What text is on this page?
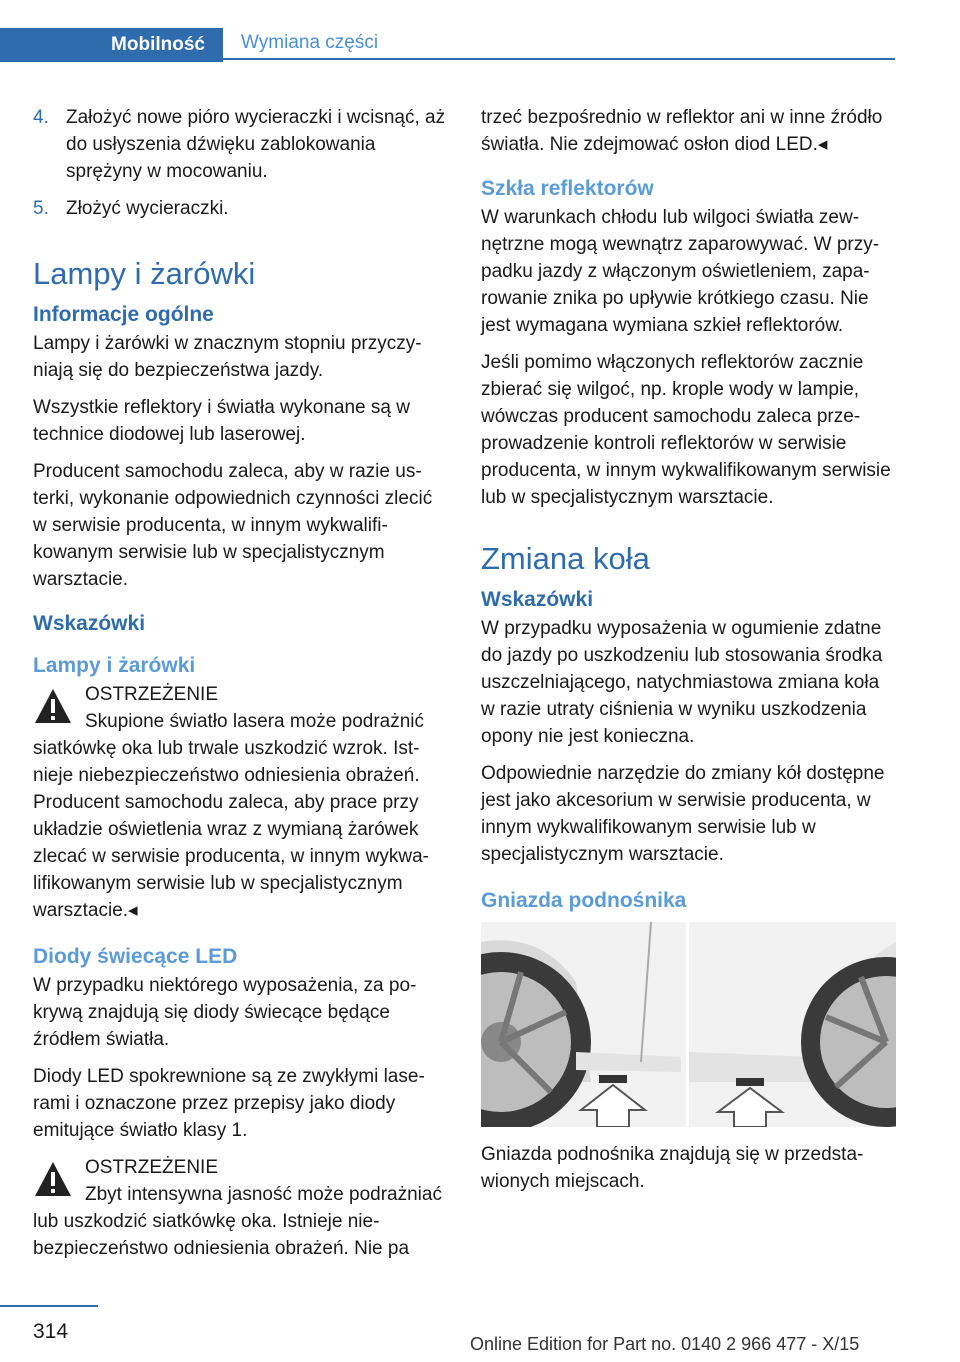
Mobilność	Wymiana części
4. Założyć nowe pióro wycieraczki i wcisnąć, aż do usłyszenia dźwięku zablokowania sprężyny w mocowaniu.
5. Złożyć wycieraczki.
Lampy i żarówki
Informacje ogólne

Lampy i żarówki w znacznym stopniu przyczyniają się do bezpieczeństwa jazdy.

Wszystkie reflektory i światła wykonane są w technice diodowej lub laserowej.

Producent samochodu zaleca, aby w razie usterki, wykonanie odpowiednich czynności zlecić w serwisie producenta, w innym wykwalifikowanym serwisie lub w specjalistycznym warsztacie.

Wskazówki
Lampy i żarówki
OSTRZEŻENIE
Skupione światło lasera może podrażnić siatkówkę oka lub trwale uszkodzić wzrok. Istnieje niebezpieczeństwo odniesienia obrażeń. Producent samochodu zaleca, aby prace przy układzie oświetlenia wraz z wymianą żarówek zlecać w serwisie producenta, w innym wykwalifikowanym serwisie lub w specjalistycznym warsztacie.◂
Diody świecące LED

W przypadku niektórego wyposażenia, za pokrywą znajdują się diody świecące będące źródłem światła.

Diody LED spokrewnione są ze zwykłymi laserami i oznaczone przez przepisy jako diody emitujące światło klasy 1.

OSTRZEŻENIE
Zbyt intensywna jasność może podrażniać lub uszkodzić siatkówkę oka. Istnieje niebezpieczeństwo odniesienia obrażeń. Nie pa

trzeć bezpośrednio w reflektor ani w inne źródło światła. Nie zdejmować osłon diod LED.◂

Szkła reflektorów

W warunkach chłodu lub wilgoci światła zewnętrzne mogą wewnątrz zaparowywać. W przypadku jazdy z włączonym oświetleniem, zaparowanie znika po upływie krótkiego czasu. Nie jest wymagana wymiana szkieł reflektorów.

Jeśli pomimo włączonych reflektorów zacznie zbierać się wilgoć, np. krople wody w lampie, wówczas producent samochodu zaleca przeprowadzenie kontroli reflektorów w serwisie producenta, w innym wykwalifikowanym serwisie lub w specjalistycznym warsztacie.

Zmiana koła
Wskazówki

W przypadku wyposażenia w ogumienie zdatne do jazdy po uszkodzeniu lub stosowania środka uszczelniającego, natychmiastowa zmiana koła w razie utraty ciśnienia w wyniku uszkodzenia opony nie jest konieczna.

Odpowiednie narzędzie do zmiany kół dostępne jest jako akcesorium w serwisie producenta, w innym wykwalifikowanym serwisie lub w specjalistycznym warsztacie.

Gniazda podnośnika

Gniazda podnośnika znajdują się w przedstawionych miejscach.

314
Online Edition for Part no. 0140 2 966 477 - X/15
